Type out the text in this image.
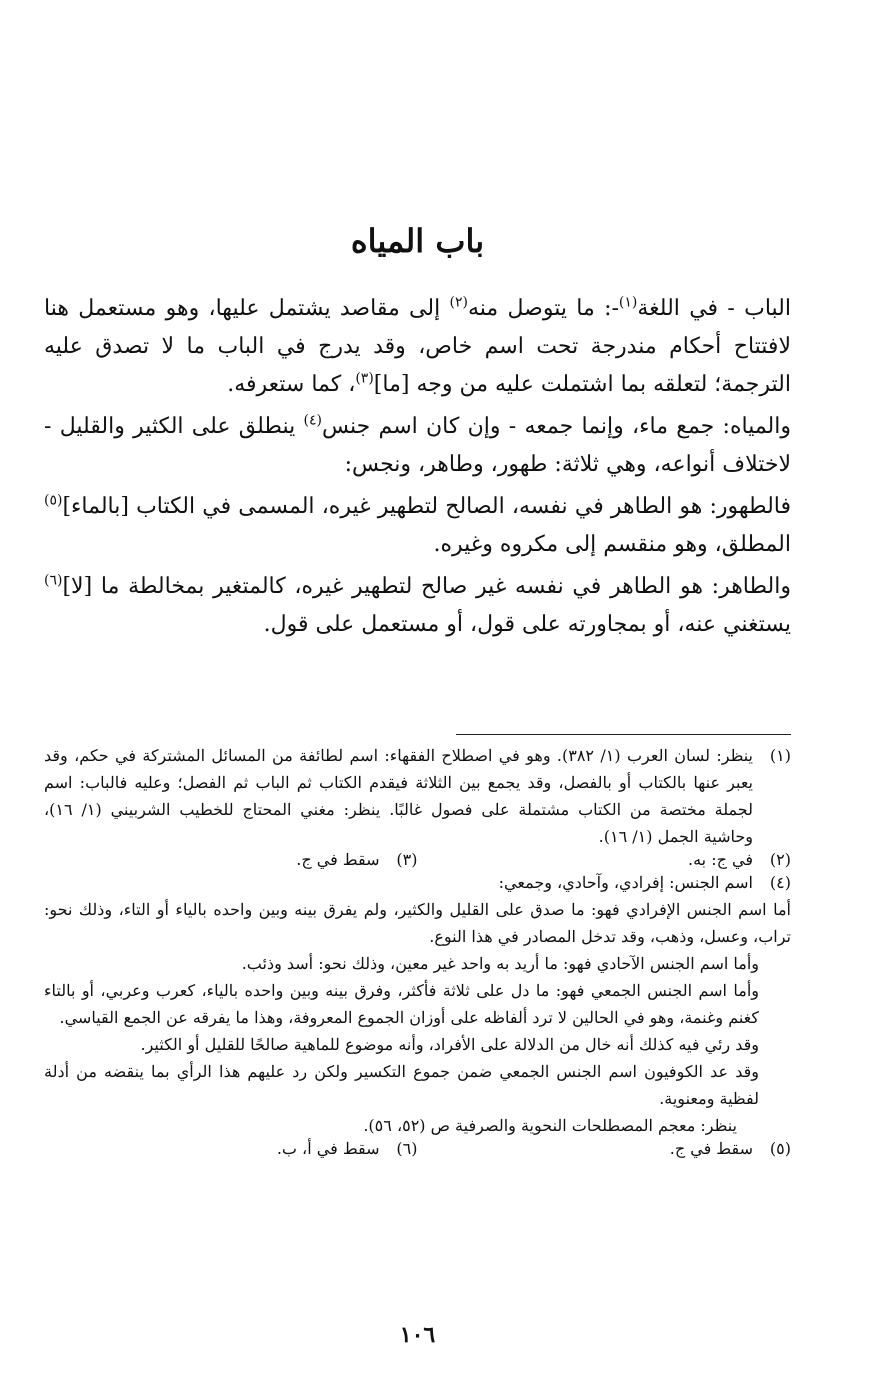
باب المياه

الباب - في اللغة$^{(١)}$-: ما يتوصل منه$^{(٢)}$ إلى مقاصد يشتمل عليها، وهو مستعمل هنا لافتتاح أحكام مندرجة تحت اسم خاص، وقد يدرج في الباب ما لا تصدق عليه الترجمة؛ لتعلقه بما اشتملت عليه من وجه [ما]$^{(٣)}$، كما ستعرفه.

والمياه: جمع ماء، وإنما جمعه - وإن كان اسم جنس$^{(٤)}$ ينطلق على الكثير والقليل - لاختلاف أنواعه، وهي ثلاثة: طهور، وطاهر، ونجس:

فالطهور: هو الطاهر في نفسه، الصالح لتطهير غيره، المسمى في الكتاب [بالماء]$^{(٥)}$ المطلق، وهو منقسم إلى مكروه وغيره.

والطاهر: هو الطاهر في نفسه غير صالح لتطهير غيره، كالمتغير بمخالطة ما [لا]$^{(٦)}$ يستغني عنه، أو بمجاورته على قول، أو مستعمل على قول.

(١)
ينظر: لسان العرب (١/ ٣٨٢). وهو في اصطلاح الفقهاء: اسم لطائفة من المسائل المشتركة في حكم، وقد يعبر عنها بالكتاب أو بالفصل، وقد يجمع بين الثلاثة فيقدم الكتاب ثم الباب ثم الفصل؛ وعليه فالباب: اسم لجملة مختصة من الكتاب مشتملة على فصول غالبًا. ينظر: مغني المحتاج للخطيب الشربيني (١/ ١٦)، وحاشية الجمل (١/ ١٦).
(٢)
في ج: به.
(٣)
سقط في ج.
(٤)
اسم الجنس: إفرادي، وآحادي، وجمعي:
أما اسم الجنس الإفرادي فهو: ما صدق على القليل والكثير، ولم يفرق بينه وبين واحده بالياء أو التاء، وذلك نحو: تراب، وعسل، وذهب، وقد تدخل المصادر في هذا النوع.
وأما اسم الجنس الآحادي فهو: ما أريد به واحد غير معين، وذلك نحو: أسد وذئب.
وأما اسم الجنس الجمعي فهو: ما دل على ثلاثة فأكثر، وفرق بينه وبين واحده بالياء، كعرب وعربي، أو بالتاء كغنم وغنمة، وهو في الحالين لا ترد ألفاظه على أوزان الجموع المعروفة، وهذا ما يفرقه عن الجمع القياسي.
وقد رئي فيه كذلك أنه خال من الدلالة على الأفراد، وأنه موضوع للماهية صالحًا للقليل أو الكثير.
وقد عد الكوفيون اسم الجنس الجمعي ضمن جموع التكسير ولكن رد عليهم هذا الرأي بما ينقضه من أدلة لفظية ومعنوية.
ينظر: معجم المصطلحات النحوية والصرفية ص (٥٢، ٥٦).
(٥)
سقط في ج.
(٦)
سقط في أ، ب.
١٠٦
